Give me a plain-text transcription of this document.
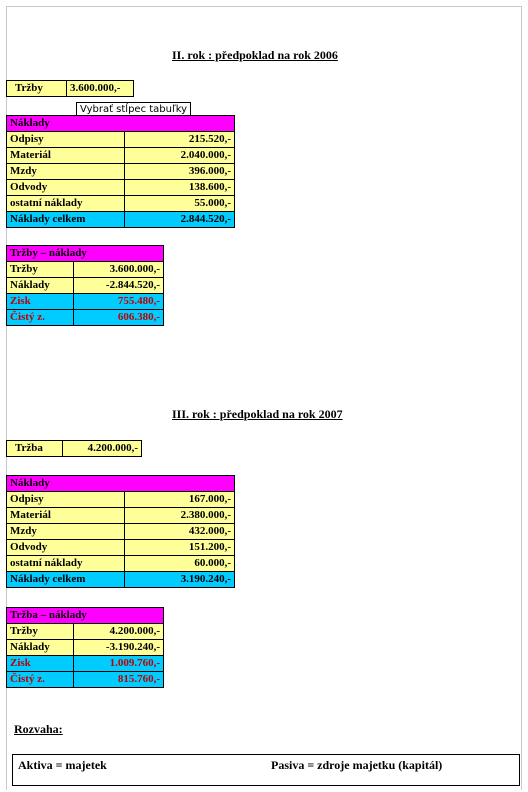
II. rok : předpoklad na rok 2006
Tržby	3.600.000,-
Vybrať stĺpec tabuľky
Náklady	
Odpisy	215.520,-
Materiál	2.040.000,-
Mzdy	396.000,-
Odvody	138.600,-
ostatní náklady	55.000,-
Náklady celkem	2.844.520,-
Tržby – náklady	
Tržby	3.600.000,-
Náklady	-2.844.520,-
Zisk	755.480,-
Čistý z.	606.380,-
III. rok : předpoklad na rok 2007
Tržba	4.200.000,-
Náklady	
Odpisy	167.000,-
Materiál	2.380.000,-
Mzdy	432.000,-
Odvody	151.200,-
ostatní náklady	60.000,-
Náklady celkem	3.190.240,-
Tržba – náklady	
Tržby	4.200.000,-
Náklady	-3.190.240,-
Zisk	1.009.760,-
Čistý z.	815.760,-
Rozvaha:
Aktiva = majetek	Pasiva = zdroje majetku (kapitál)
